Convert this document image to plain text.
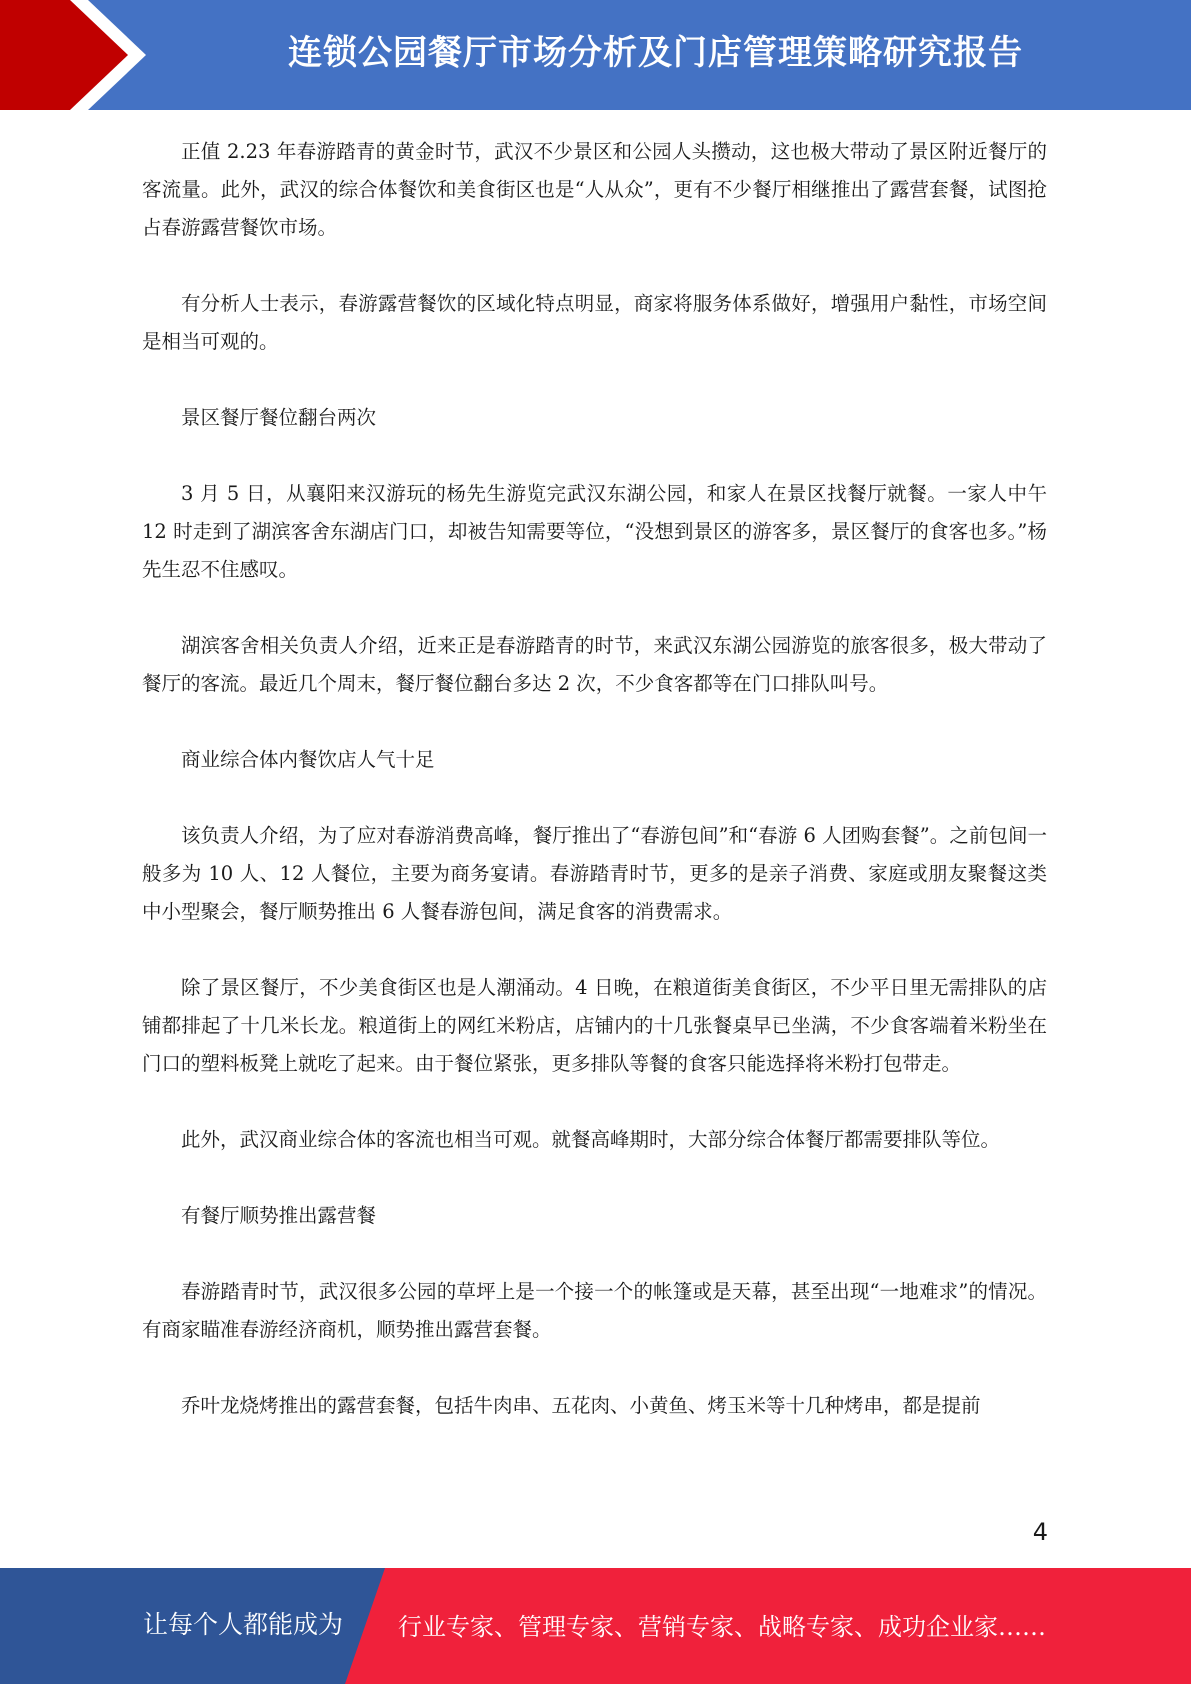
连锁公园餐厅市场分析及门店管理策略研究报告

正值 2.23 年春游踏青的黄金时节，武汉不少景区和公园人头攒动，这也极大带动了景区附近餐厅的客流量。此外，武汉的综合体餐饮和美食街区也是“人从众”，更有不少餐厅相继推出了露营套餐，试图抢占春游露营餐饮市场。

有分析人士表示，春游露营餐饮的区域化特点明显，商家将服务体系做好，增强用户黏性，市场空间是相当可观的。

景区餐厅餐位翻台两次

3 月 5 日，从襄阳来汉游玩的杨先生游览完武汉东湖公园，和家人在景区找餐厅就餐。一家人中午 12 时走到了湖滨客舍东湖店门口，却被告知需要等位，“没想到景区的游客多，景区餐厅的食客也多。”杨先生忍不住感叹。

湖滨客舍相关负责人介绍，近来正是春游踏青的时节，来武汉东湖公园游览的旅客很多，极大带动了餐厅的客流。最近几个周末，餐厅餐位翻台多达 2 次，不少食客都等在门口排队叫号。

商业综合体内餐饮店人气十足

该负责人介绍，为了应对春游消费高峰，餐厅推出了“春游包间”和“春游 6 人团购套餐”。之前包间一般多为 10 人、12 人餐位，主要为商务宴请。春游踏青时节，更多的是亲子消费、家庭或朋友聚餐这类中小型聚会，餐厅顺势推出 6 人餐春游包间，满足食客的消费需求。

除了景区餐厅，不少美食街区也是人潮涌动。4 日晚，在粮道街美食街区，不少平日里无需排队的店铺都排起了十几米长龙。粮道街上的网红米粉店，店铺内的十几张餐桌早已坐满，不少食客端着米粉坐在门口的塑料板凳上就吃了起来。由于餐位紧张，更多排队等餐的食客只能选择将米粉打包带走。

此外，武汉商业综合体的客流也相当可观。就餐高峰期时，大部分综合体餐厅都需要排队等位。

有餐厅顺势推出露营餐

春游踏青时节，武汉很多公园的草坪上是一个接一个的帐篷或是天幕，甚至出现“一地难求”的情况。有商家瞄准春游经济商机，顺势推出露营套餐。

乔叶龙烧烤推出的露营套餐，包括牛肉串、五花肉、小黄鱼、烤玉米等十几种烤串，都是提前

4
让每个人都能成为 行业专家、管理专家、营销专家、战略专家、成功企业家……
